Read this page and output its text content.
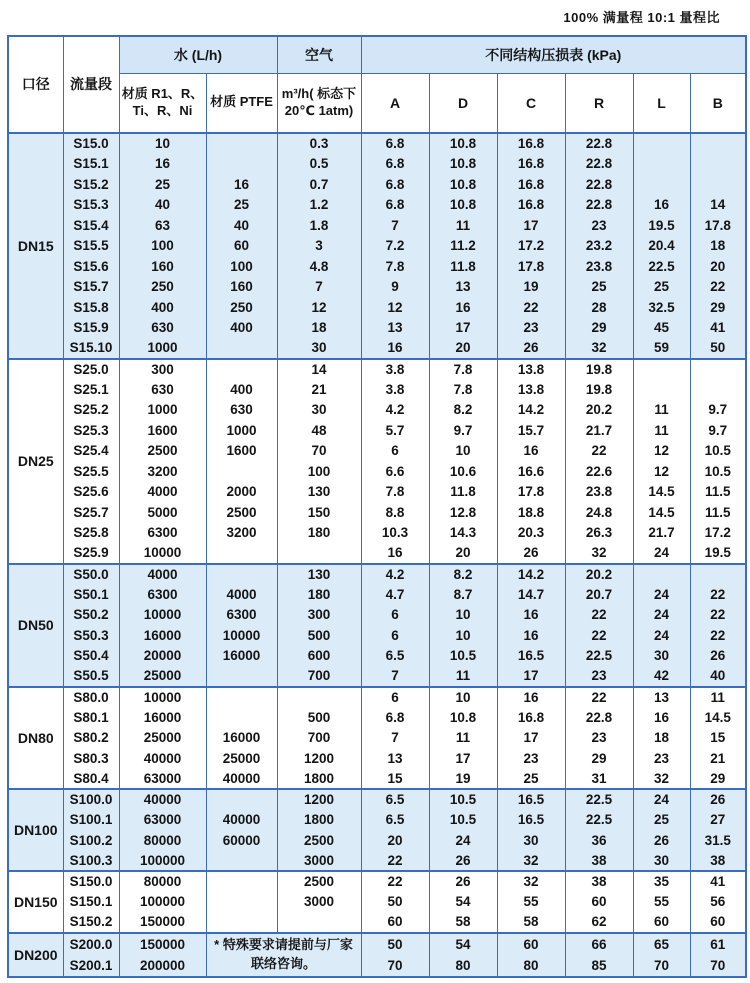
100% 满量程 10:1 量程比
口径	流量段	水 (L/h)		空气	不同结构压损表 (kPa)					
		材质 R1、R、Ti、R、Ni	材质 PTFE	m³/h( 标态下 20℃ 1atm)	A	D	C	R	L	B
DN15	S15.0	10		0.3	6.8	10.8	16.8	22.8		
	S15.1	16		0.5	6.8	10.8	16.8	22.8		
	S15.2	25	16	0.7	6.8	10.8	16.8	22.8		
	S15.3	40	25	1.2	6.8	10.8	16.8	22.8	16	14
	S15.4	63	40	1.8	7	11	17	23	19.5	17.8
	S15.5	100	60	3	7.2	11.2	17.2	23.2	20.4	18
	S15.6	160	100	4.8	7.8	11.8	17.8	23.8	22.5	20
	S15.7	250	160	7	9	13	19	25	25	22
	S15.8	400	250	12	12	16	22	28	32.5	29
	S15.9	630	400	18	13	17	23	29	45	41
	S15.10	1000		30	16	20	26	32	59	50
DN25	S25.0	300		14	3.8	7.8	13.8	19.8		
	S25.1	630	400	21	3.8	7.8	13.8	19.8		
	S25.2	1000	630	30	4.2	8.2	14.2	20.2	11	9.7
	S25.3	1600	1000	48	5.7	9.7	15.7	21.7	11	9.7
	S25.4	2500	1600	70	6	10	16	22	12	10.5
	S25.5	3200		100	6.6	10.6	16.6	22.6	12	10.5
	S25.6	4000	2000	130	7.8	11.8	17.8	23.8	14.5	11.5
	S25.7	5000	2500	150	8.8	12.8	18.8	24.8	14.5	11.5
	S25.8	6300	3200	180	10.3	14.3	20.3	26.3	21.7	17.2
	S25.9	10000			16	20	26	32	24	19.5
DN50	S50.0	4000		130	4.2	8.2	14.2	20.2		
	S50.1	6300	4000	180	4.7	8.7	14.7	20.7	24	22
	S50.2	10000	6300	300	6	10	16	22	24	22
	S50.3	16000	10000	500	6	10	16	22	24	22
	S50.4	20000	16000	600	6.5	10.5	16.5	22.5	30	26
	S50.5	25000		700	7	11	17	23	42	40
DN80	S80.0	10000			6	10	16	22	13	11
	S80.1	16000		500	6.8	10.8	16.8	22.8	16	14.5
	S80.2	25000	16000	700	7	11	17	23	18	15
	S80.3	40000	25000	1200	13	17	23	29	23	21
	S80.4	63000	40000	1800	15	19	25	31	32	29
DN100	S100.0	40000		1200	6.5	10.5	16.5	22.5	24	26
	S100.1	63000	40000	1800	6.5	10.5	16.5	22.5	25	27
	S100.2	80000	60000	2500	20	24	30	36	26	31.5
	S100.3	100000		3000	22	26	32	38	30	38
DN150	S150.0	80000		2500	22	26	32	38	35	41
	S150.1	100000		3000	50	54	55	60	55	56
	S150.2	150000			60	58	58	62	60	60
DN200	S200.0	150000	* 特殊要求请提前与厂家联络咨询。		50	54	60	66	65	61
	S200.1	200000			70	80	80	85	70	70
